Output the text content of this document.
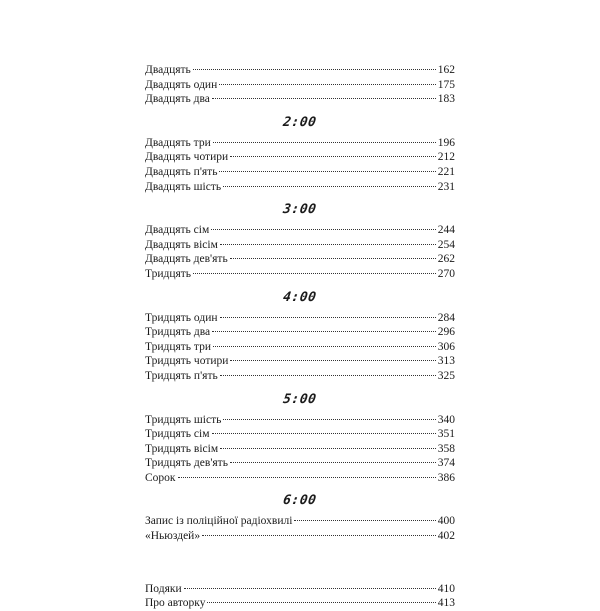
Двадцять	162
Двадцять один	175
Двадцять два	183
2:00
Двадцять три	196
Двадцять чотири	212
Двадцять п'ять	221
Двадцять шість	231
3:00
Двадцять сім	244
Двадцять вісім	254
Двадцять дев'ять	262
Тридцять	270
4:00
Тридцять один	284
Тридцять два	296
Тридцять три	306
Тридцять чотири	313
Тридцять п'ять	325
5:00
Тридцять шість	340
Тридцять сім	351
Тридцять вісім	358
Тридцять дев'ять	374
Сорок	386
6:00
Запис із поліційної радіохвилі	400
«Ньюздей»	402
Подяки	410
Про авторку	413
